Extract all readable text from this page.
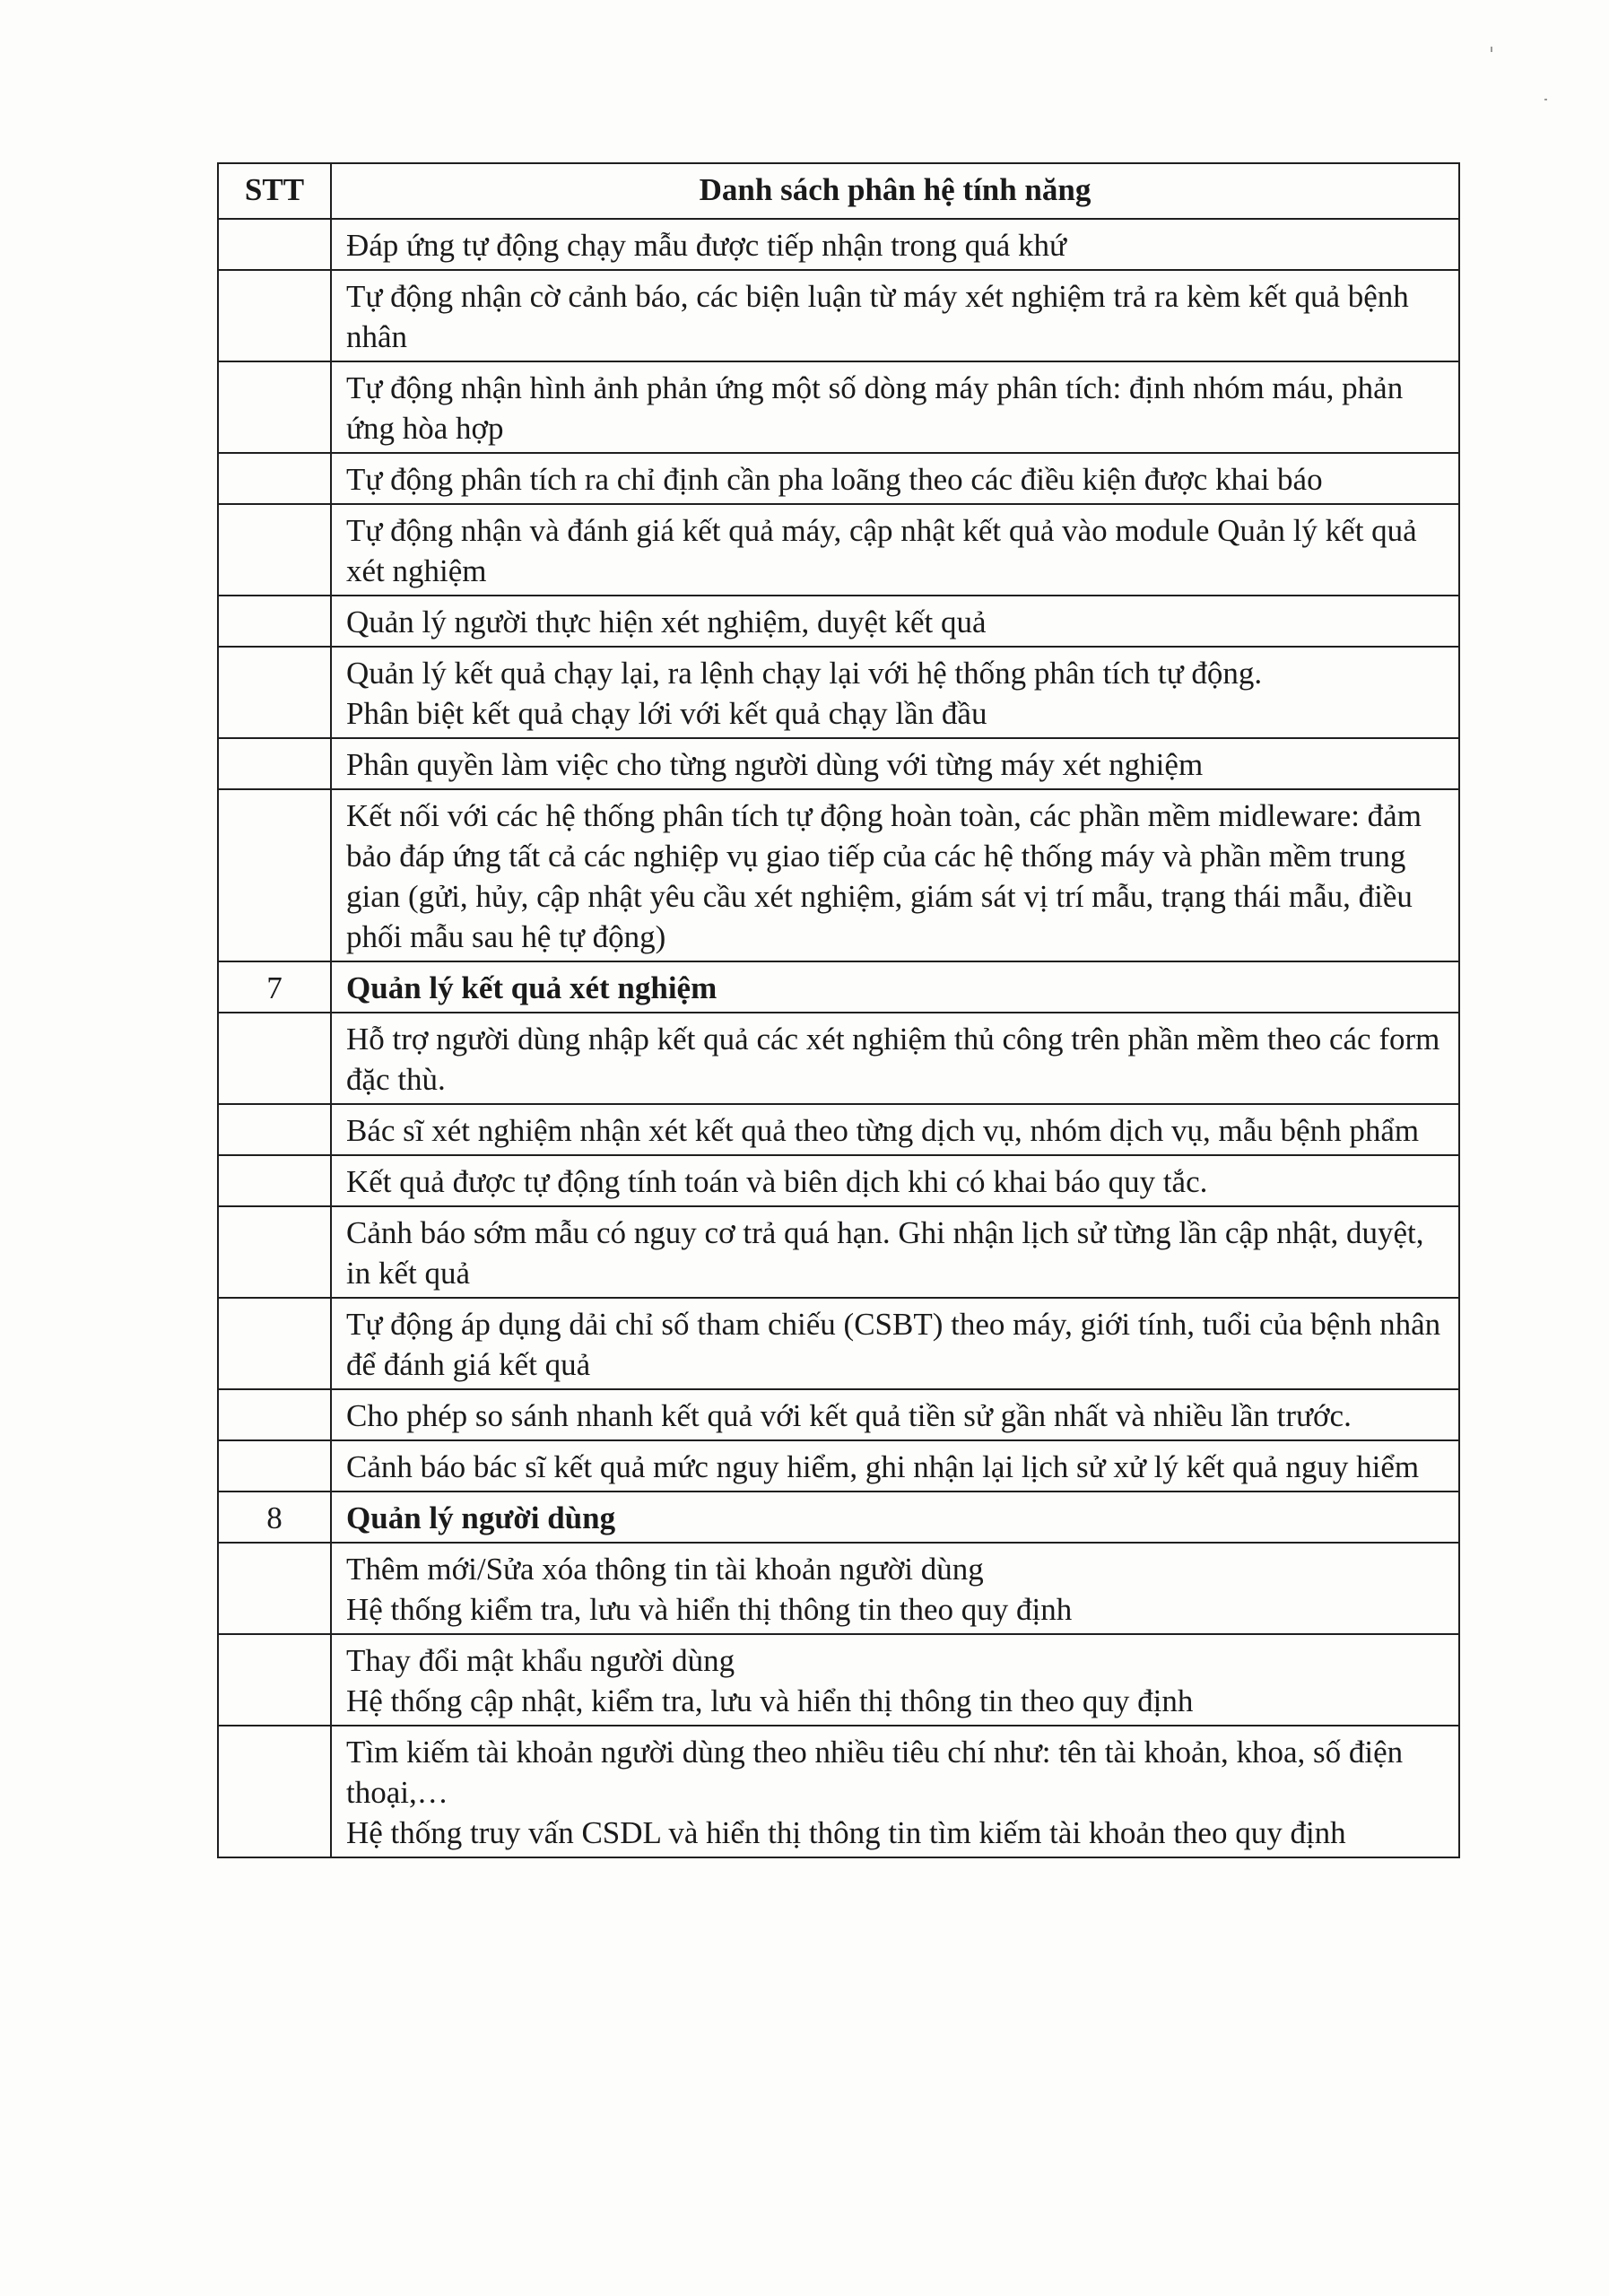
STT	Danh sách phân hệ tính năng

	Đáp ứng tự động chạy mẫu được tiếp nhận trong quá khứ

	Tự động nhận cờ cảnh báo, các biện luận từ máy xét nghiệm trả ra kèm kết quả bệnh nhân

	Tự động nhận hình ảnh phản ứng một số dòng máy phân tích: định nhóm máu, phản ứng hòa hợp

	Tự động phân tích ra chỉ định cần pha loãng theo các điều kiện được khai báo

	Tự động nhận và đánh giá kết quả máy, cập nhật kết quả vào module Quản lý kết quả xét nghiệm

	Quản lý người thực hiện xét nghiệm, duyệt kết quả

	Quản lý kết quả chạy lại, ra lệnh chạy lại với hệ thống phân tích tự động.
Phân biệt kết quả chạy lới với kết quả chạy lần đầu

	Phân quyền làm việc cho từng người dùng với từng máy xét nghiệm

	Kết nối với các hệ thống phân tích tự động hoàn toàn, các phần mềm midleware: đảm bảo đáp ứng tất cả các nghiệp vụ giao tiếp của các hệ thống máy và phần mềm trung gian (gửi, hủy, cập nhật yêu cầu xét nghiệm, giám sát vị trí mẫu, trạng thái mẫu, điều phối mẫu sau hệ tự động)

7	Quản lý kết quả xét nghiệm

	Hỗ trợ người dùng nhập kết quả các xét nghiệm thủ công trên phần mềm theo các form đặc thù.

	Bác sĩ xét nghiệm nhận xét kết quả theo từng dịch vụ, nhóm dịch vụ, mẫu bệnh phẩm

	Kết quả được tự động tính toán và biên dịch khi có khai báo quy tắc.

	Cảnh báo sớm mẫu có nguy cơ trả quá hạn. Ghi nhận lịch sử từng lần cập nhật, duyệt, in kết quả

	Tự động áp dụng dải chỉ số tham chiếu (CSBT) theo máy, giới tính, tuổi của bệnh nhân để đánh giá kết quả

	Cho phép so sánh nhanh kết quả với kết quả tiền sử gần nhất và nhiều lần trước.

	Cảnh báo bác sĩ kết quả mức nguy hiểm, ghi nhận lại lịch sử xử lý kết quả nguy hiểm

8	Quản lý người dùng

	Thêm mới/Sửa xóa thông tin tài khoản người dùng
Hệ thống kiểm tra, lưu và hiển thị thông tin theo quy định

	Thay đổi mật khẩu người dùng
Hệ thống cập nhật, kiểm tra, lưu và hiển thị thông tin theo quy định

	Tìm kiếm tài khoản người dùng theo nhiều tiêu chí như: tên tài khoản, khoa, số điện thoại,…
Hệ thống truy vấn CSDL và hiển thị thông tin tìm kiếm tài khoản theo quy định
